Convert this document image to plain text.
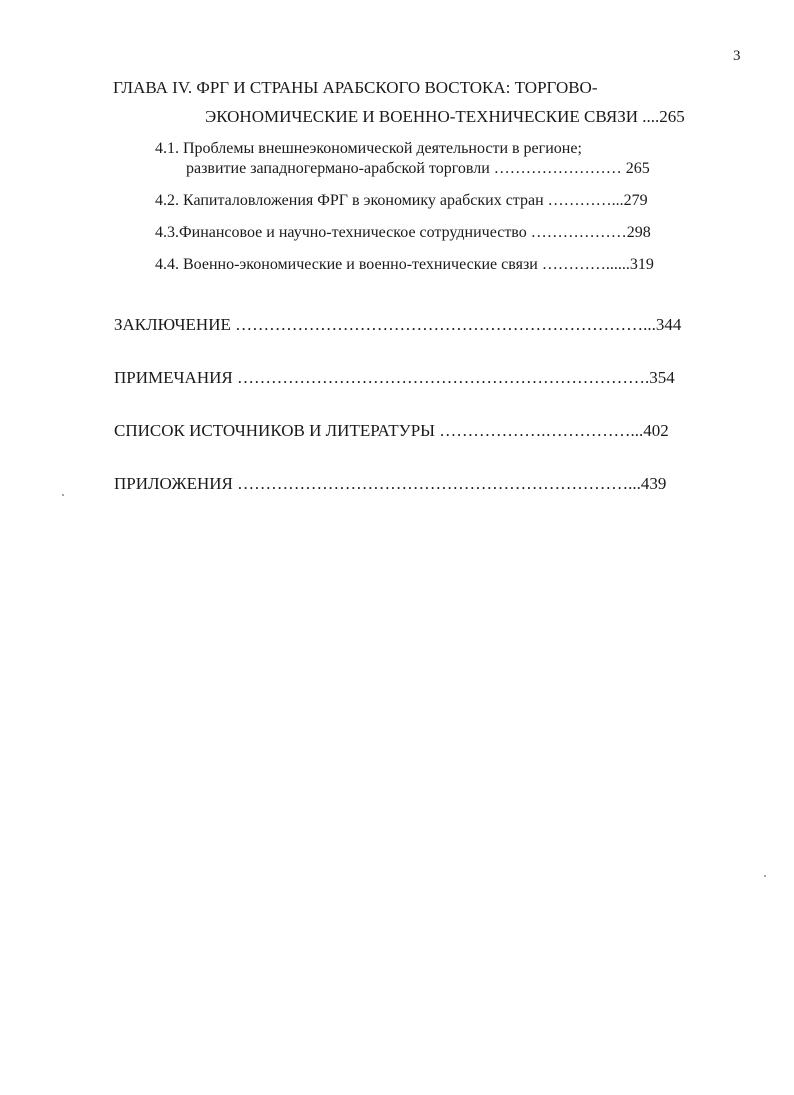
3
ГЛАВА IV. ФРГ И СТРАНЫ АРАБСКОГО ВОСТОКА: ТОРГОВО-
ЭКОНОМИЧЕСКИЕ И ВОЕННО-ТЕХНИЧЕСКИЕ СВЯЗИ ....265
4.1. Проблемы внешнеэкономической деятельности в регионе;
развитие западногермано-арабской торговли …………………… 265
4.2. Капиталовложения ФРГ в экономику арабских стран …………...279
4.3.Финансовое и научно-техническое сотрудничество ………………298
4.4. Военно-экономические и военно-технические связи …………......319
ЗАКЛЮЧЕНИЕ ………………………………………………………………...344
ПРИМЕЧАНИЯ ……………………………………………………………….354
СПИСОК ИСТОЧНИКОВ И ЛИТЕРАТУРЫ ……………….……………...402
ПРИЛОЖЕНИЯ ……………………………………………………………...439
